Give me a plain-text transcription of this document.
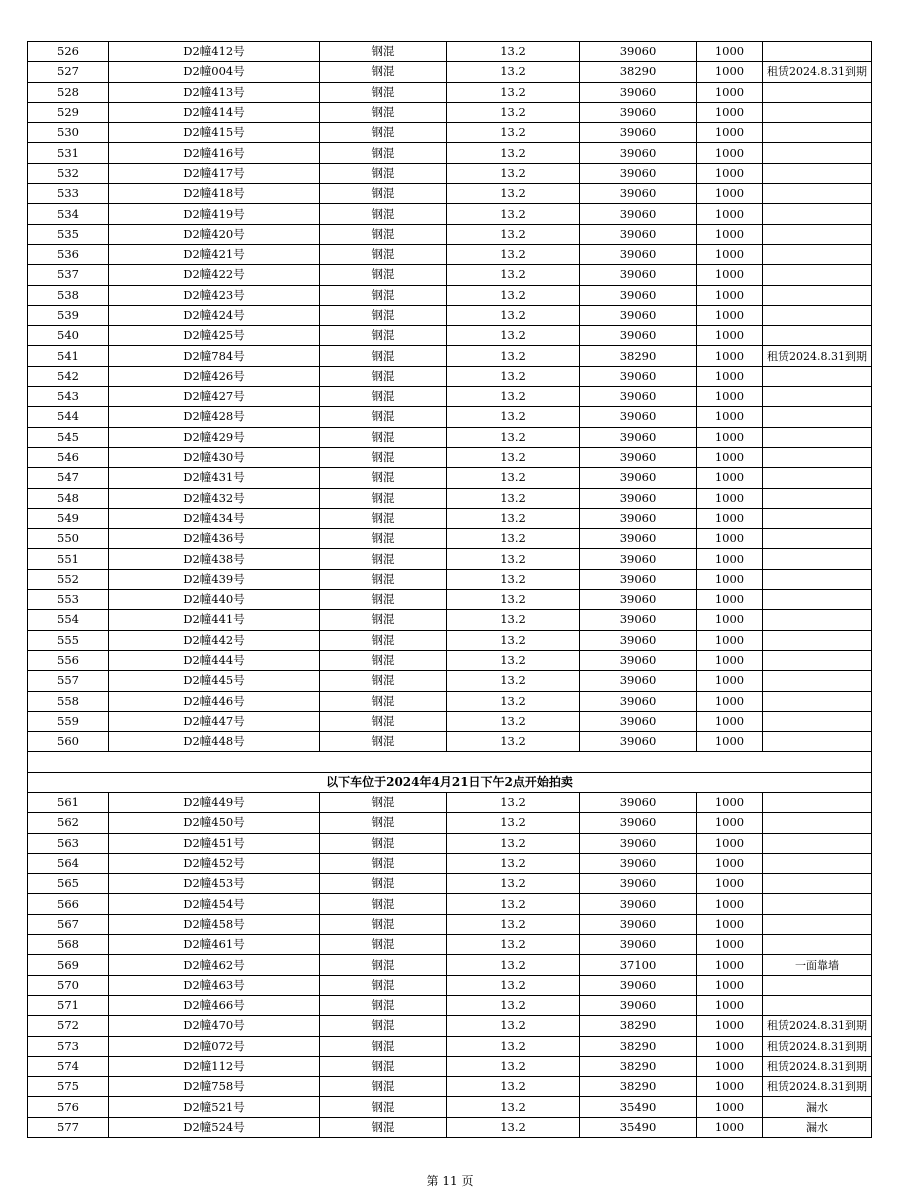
526	D2幢412号	钢混	13.2	39060	1000	
527	D2幢004号	钢混	13.2	38290	1000	租赁2024.8.31到期
528	D2幢413号	钢混	13.2	39060	1000	
529	D2幢414号	钢混	13.2	39060	1000	
530	D2幢415号	钢混	13.2	39060	1000	
531	D2幢416号	钢混	13.2	39060	1000	
532	D2幢417号	钢混	13.2	39060	1000	
533	D2幢418号	钢混	13.2	39060	1000	
534	D2幢419号	钢混	13.2	39060	1000	
535	D2幢420号	钢混	13.2	39060	1000	
536	D2幢421号	钢混	13.2	39060	1000	
537	D2幢422号	钢混	13.2	39060	1000	
538	D2幢423号	钢混	13.2	39060	1000	
539	D2幢424号	钢混	13.2	39060	1000	
540	D2幢425号	钢混	13.2	39060	1000	
541	D2幢784号	钢混	13.2	38290	1000	租赁2024.8.31到期
542	D2幢426号	钢混	13.2	39060	1000	
543	D2幢427号	钢混	13.2	39060	1000	
544	D2幢428号	钢混	13.2	39060	1000	
545	D2幢429号	钢混	13.2	39060	1000	
546	D2幢430号	钢混	13.2	39060	1000	
547	D2幢431号	钢混	13.2	39060	1000	
548	D2幢432号	钢混	13.2	39060	1000	
549	D2幢434号	钢混	13.2	39060	1000	
550	D2幢436号	钢混	13.2	39060	1000	
551	D2幢438号	钢混	13.2	39060	1000	
552	D2幢439号	钢混	13.2	39060	1000	
553	D2幢440号	钢混	13.2	39060	1000	
554	D2幢441号	钢混	13.2	39060	1000	
555	D2幢442号	钢混	13.2	39060	1000	
556	D2幢444号	钢混	13.2	39060	1000	
557	D2幢445号	钢混	13.2	39060	1000	
558	D2幢446号	钢混	13.2	39060	1000	
559	D2幢447号	钢混	13.2	39060	1000	
560	D2幢448号	钢混	13.2	39060	1000	

以下车位于2024年4月21日下午2点开始拍卖						
561	D2幢449号	钢混	13.2	39060	1000	
562	D2幢450号	钢混	13.2	39060	1000	
563	D2幢451号	钢混	13.2	39060	1000	
564	D2幢452号	钢混	13.2	39060	1000	
565	D2幢453号	钢混	13.2	39060	1000	
566	D2幢454号	钢混	13.2	39060	1000	
567	D2幢458号	钢混	13.2	39060	1000	
568	D2幢461号	钢混	13.2	39060	1000	
569	D2幢462号	钢混	13.2	37100	1000	一面靠墙
570	D2幢463号	钢混	13.2	39060	1000	
571	D2幢466号	钢混	13.2	39060	1000	
572	D2幢470号	钢混	13.2	38290	1000	租赁2024.8.31到期
573	D2幢072号	钢混	13.2	38290	1000	租赁2024.8.31到期
574	D2幢112号	钢混	13.2	38290	1000	租赁2024.8.31到期
575	D2幢758号	钢混	13.2	38290	1000	租赁2024.8.31到期
576	D2幢521号	钢混	13.2	35490	1000	漏水
577	D2幢524号	钢混	13.2	35490	1000	漏水
第 11 页
